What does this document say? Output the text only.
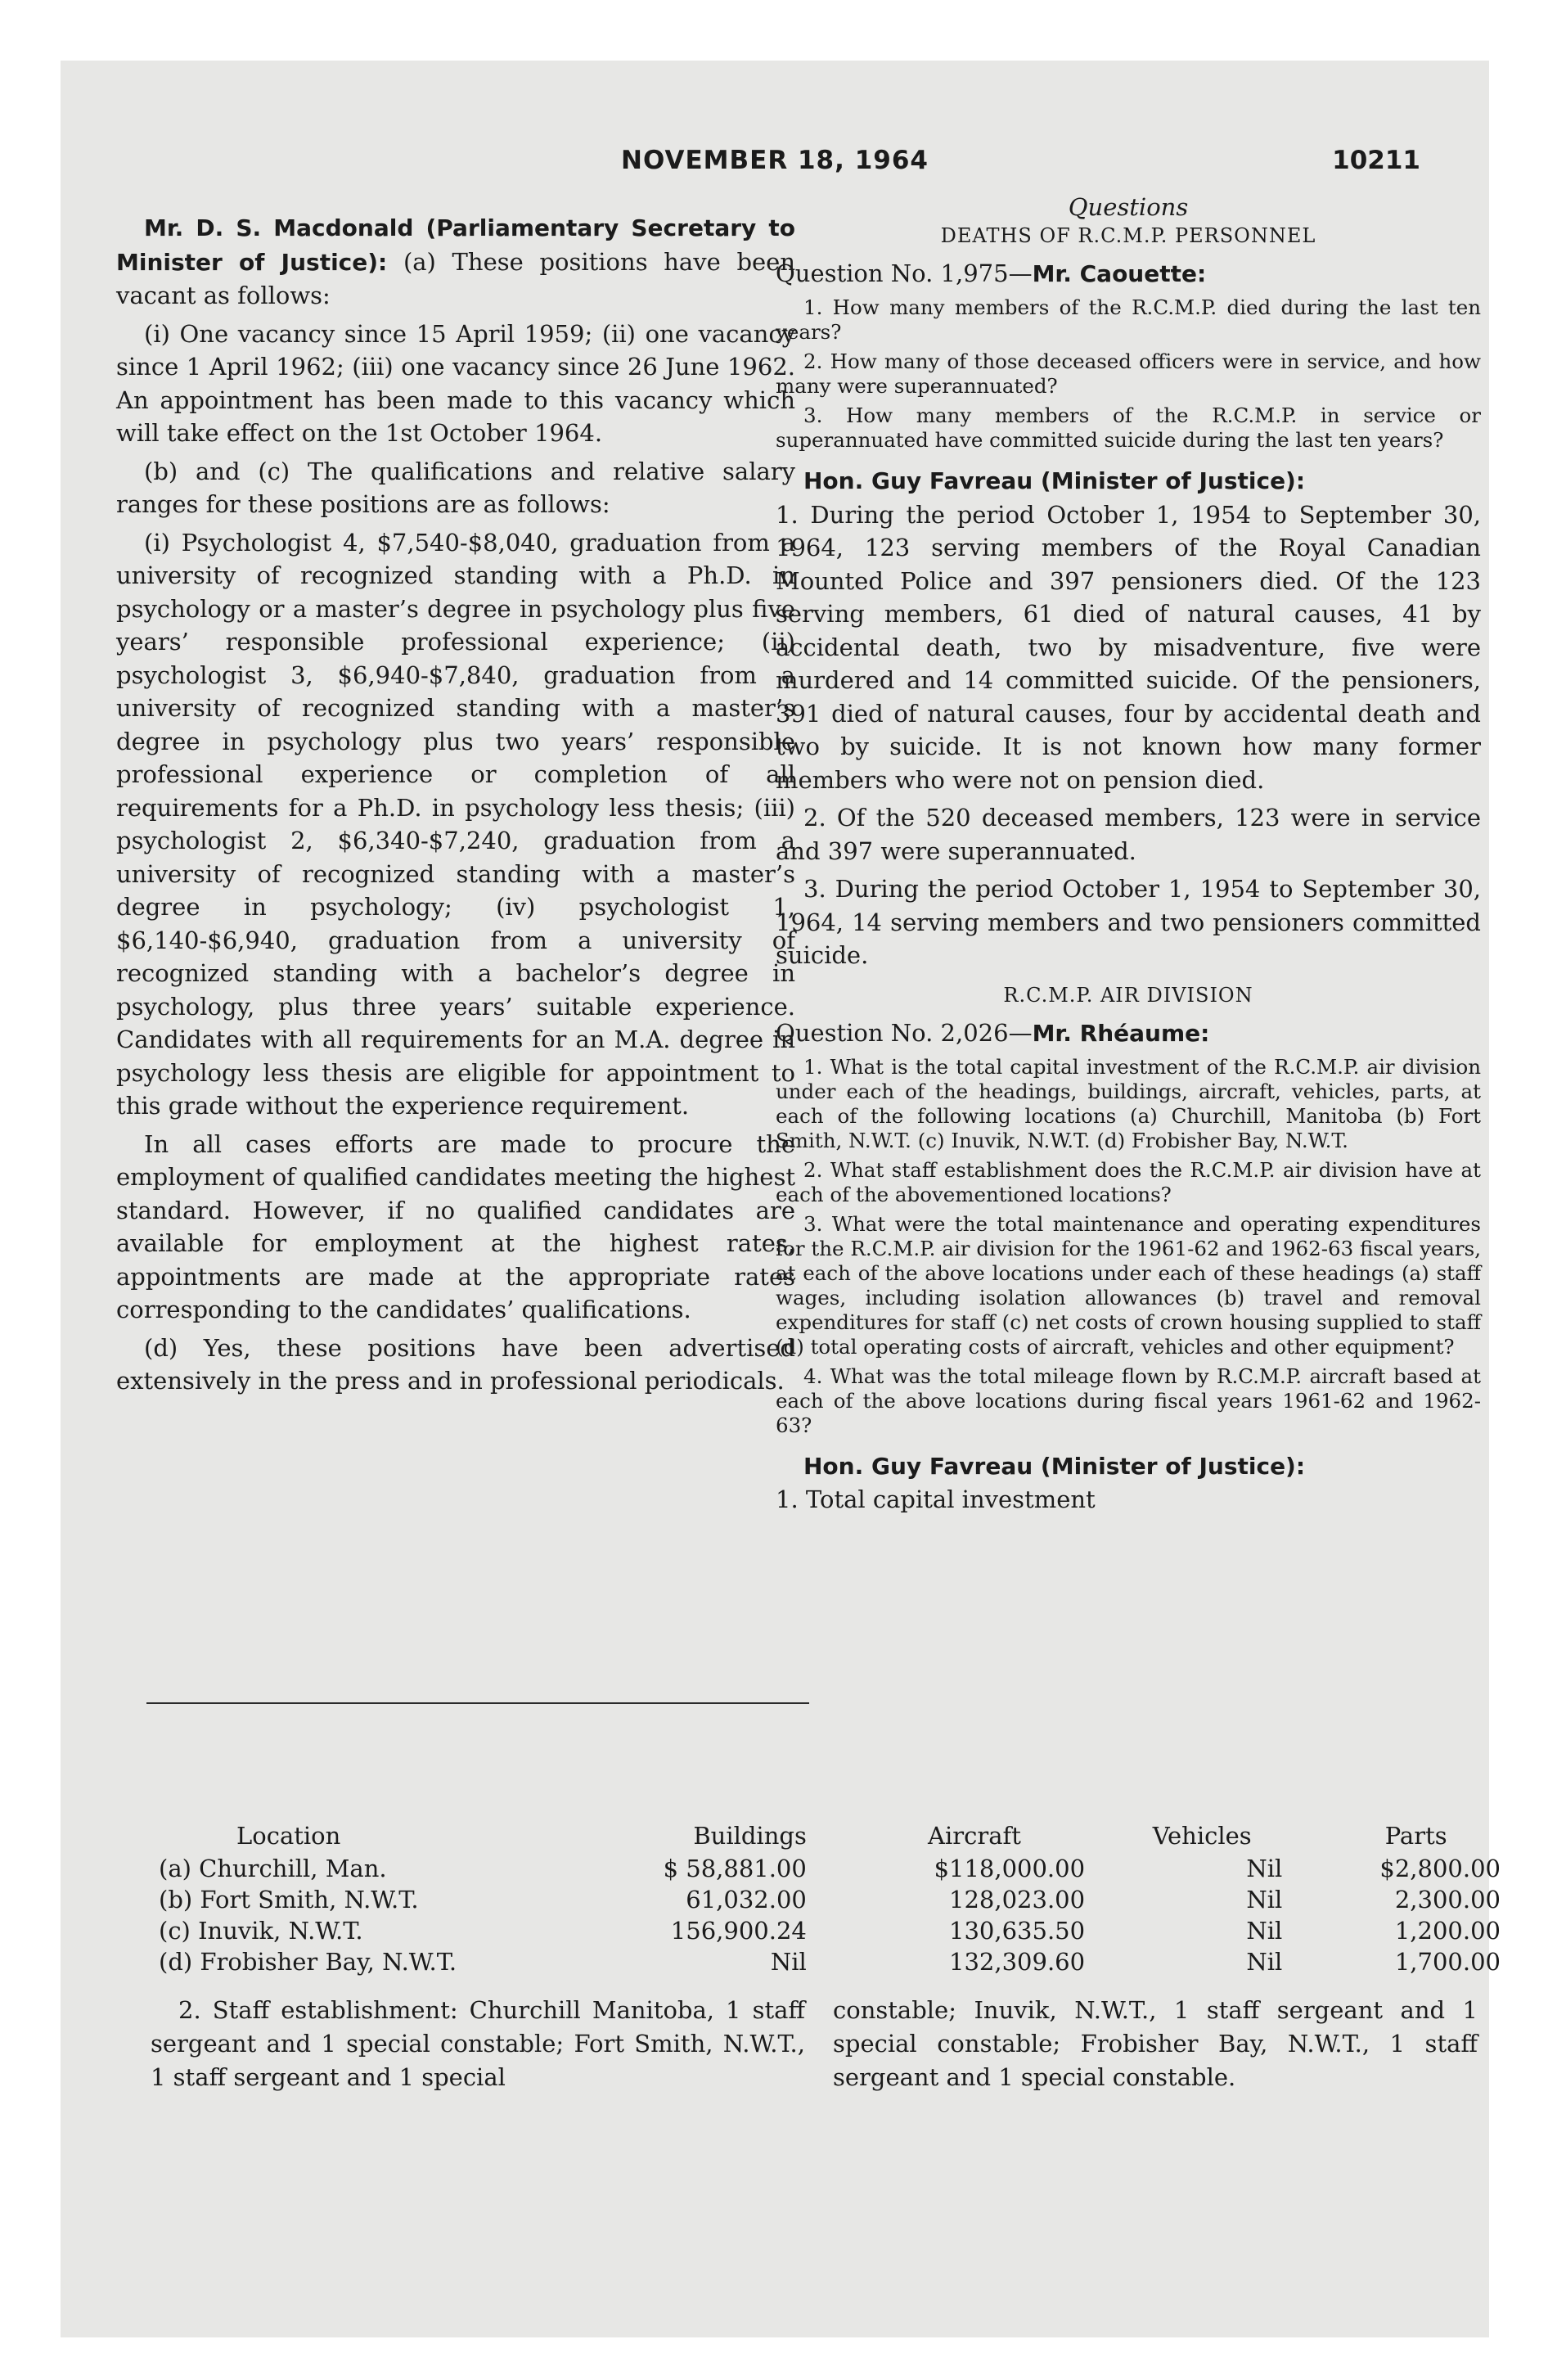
NOVEMBER 18, 1964	10211

Mr. D. S. Macdonald (Parliamentary Secretary to Minister of Justice): (a) These positions have been vacant as follows:

(i) One vacancy since 15 April 1959; (ii) one vacancy since 1 April 1962; (iii) one vacancy since 26 June 1962. An appointment has been made to this vacancy which will take effect on the 1st October 1964.

(b) and (c) The qualifications and relative salary ranges for these positions are as follows:

(i) Psychologist 4, $7,540-$8,040, graduation from a university of recognized standing with a Ph.D. in psychology or a master’s degree in psychology plus five years’ responsible professional experience; (ii) psychologist 3, $6,940-$7,840, graduation from a university of recognized standing with a master’s degree in psychology plus two years’ responsible professional experience or completion of all requirements for a Ph.D. in psychology less thesis; (iii) psychologist 2, $6,340-$7,240, graduation from a university of recognized standing with a master’s degree in psychology; (iv) psychologist 1, $6,140-$6,940, graduation from a university of recognized standing with a bachelor’s degree in psychology, plus three years’ suitable experience. Candidates with all requirements for an M.A. degree in psychology less thesis are eligible for appointment to this grade without the experience requirement.

In all cases efforts are made to procure the employment of qualified candidates meeting the highest standard. However, if no qualified candidates are available for employment at the highest rates, appointments are made at the appropriate rates corresponding to the candidates’ qualifications.

(d) Yes, these positions have been advertised extensively in the press and in professional periodicals.

Questions
DEATHS OF R.C.M.P. PERSONNEL

Question No. 1,975—Mr. Caouette:

1. How many members of the R.C.M.P. died during the last ten years?

2. How many of those deceased officers were in service, and how many were superannuated?

3. How many members of the R.C.M.P. in service or superannuated have committed suicide during the last ten years?

Hon. Guy Favreau (Minister of Justice):

1. During the period October 1, 1954 to September 30, 1964, 123 serving members of the Royal Canadian Mounted Police and 397 pensioners died. Of the 123 serving members, 61 died of natural causes, 41 by accidental death, two by misadventure, five were murdered and 14 committed suicide. Of the pensioners, 391 died of natural causes, four by accidental death and two by suicide. It is not known how many former members who were not on pension died.

2. Of the 520 deceased members, 123 were in service and 397 were superannuated.

3. During the period October 1, 1954 to September 30, 1964, 14 serving members and two pensioners committed suicide.

R.C.M.P. AIR DIVISION

Question No. 2,026—Mr. Rhéaume:

1. What is the total capital investment of the R.C.M.P. air division under each of the headings, buildings, aircraft, vehicles, parts, at each of the following locations (a) Churchill, Manitoba (b) Fort Smith, N.W.T. (c) Inuvik, N.W.T. (d) Frobisher Bay, N.W.T.

2. What staff establishment does the R.C.M.P. air division have at each of the abovementioned locations?

3. What were the total maintenance and operating expenditures for the R.C.M.P. air division for the 1961-62 and 1962-63 fiscal years, at each of the above locations under each of these headings (a) staff wages, including isolation allowances (b) travel and removal expenditures for staff (c) net costs of crown housing supplied to staff (d) total operating costs of aircraft, vehicles and other equipment?

4. What was the total mileage flown by R.C.M.P. aircraft based at each of the above locations during fiscal years 1961-62 and 1962-63?

Hon. Guy Favreau (Minister of Justice):

1. Total capital investment

Location	Buildings	Aircraft	Vehicles	Parts
(a) Churchill, Man.	$ 58,881.00	$118,000.00	Nil	$2,800.00
(b) Fort Smith, N.W.T.	61,032.00	128,023.00	Nil	2,300.00
(c) Inuvik, N.W.T.	156,900.24	130,635.50	Nil	1,200.00
(d) Frobisher Bay, N.W.T.	Nil	132,309.60	Nil	1,700.00
2. Staff establishment: Churchill Manitoba, 1 staff sergeant and 1 special constable; Fort Smith, N.W.T., 1 staff sergeant and 1 special
constable; Inuvik, N.W.T., 1 staff sergeant and 1 special constable; Frobisher Bay, N.W.T., 1 staff sergeant and 1 special constable.
